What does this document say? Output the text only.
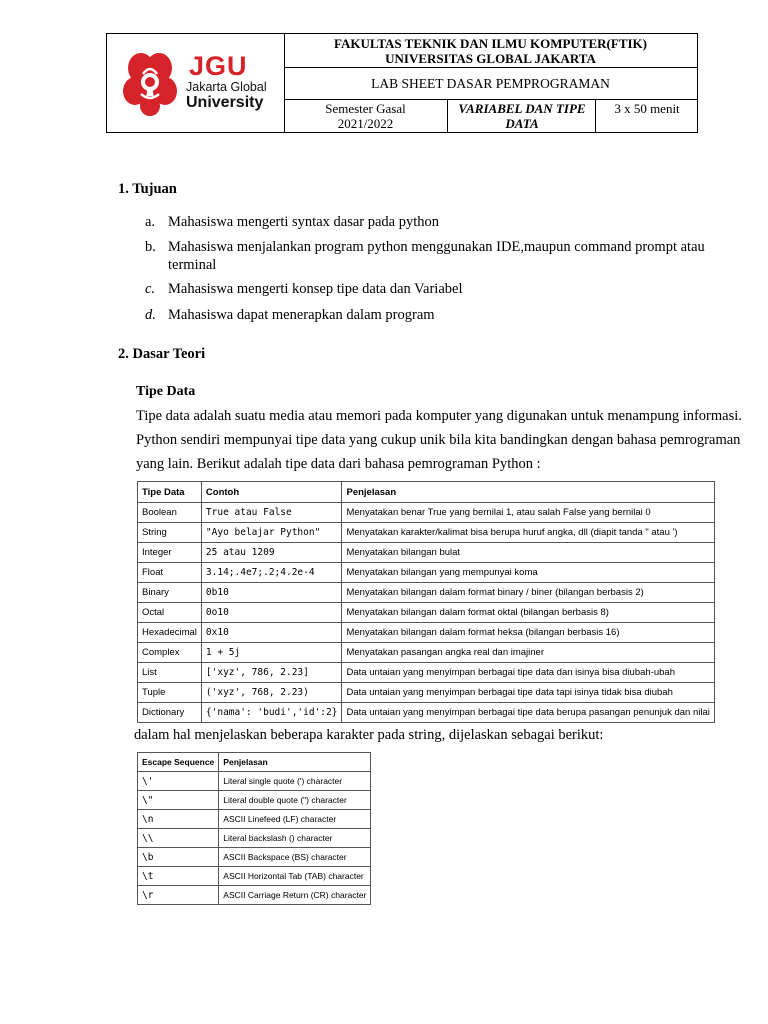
JGU
Jakarta Global
University
FAKULTAS TEKNIK DAN ILMU KOMPUTER(FTIK)
UNIVERSITAS GLOBAL JAKARTA
LAB SHEET DASAR PEMPROGRAMAN
Semester Gasal
2021/2022
VARIABEL DAN TIPE
DATA
3 x 50 menit
1. Tujuan
a. Mahasiswa mengerti syntax dasar pada python
b. Mahasiswa menjalankan program python menggunakan IDE,maupun command prompt atau
terminal
c. Mahasiswa mengerti konsep tipe data dan Variabel
d. Mahasiswa dapat menerapkan dalam program
2. Dasar Teori
Tipe Data
Tipe data adalah suatu media atau memori pada komputer yang digunakan untuk menampung informasi.
Python sendiri mempunyai tipe data yang cukup unik bila kita bandingkan dengan bahasa pemrograman
yang lain. Berikut adalah tipe data dari bahasa pemrograman Python :
Tipe Data	Contoh	Penjelasan
Boolean	True atau False	Menyatakan benar True yang bernilai 1, atau salah False yang bernilai 0
String	"Ayo belajar Python"	Menyatakan karakter/kalimat bisa berupa huruf angka, dll (diapit tanda " atau ')
Integer	25 atau 1209	Menyatakan bilangan bulat
Float	3.14;.4e7;.2;4.2e-4	Menyatakan bilangan yang mempunyai koma
Binary	0b10	Menyatakan bilangan dalam format binary / biner (bilangan berbasis 2)
Octal	0o10	Menyatakan bilangan dalam format oktal (bilangan berbasis 8)
Hexadecimal	0x10	Menyatakan bilangan dalam format heksa (bilangan berbasis 16)
Complex	1 + 5j	Menyatakan pasangan angka real dan imajiner
List	['xyz', 786, 2.23]	Data untaian yang menyimpan berbagai tipe data dan isinya bisa diubah-ubah
Tuple	('xyz', 768, 2.23)	Data untaian yang menyimpan berbagai tipe data tapi isinya tidak bisa diubah
Dictionary	{'nama': 'budi','id':2}	Data untaian yang menyimpan berbagai tipe data berupa pasangan penunjuk dan nilai
dalam hal menjelaskan beberapa karakter pada string, dijelaskan sebagai berikut:
Escape Sequence	Penjelasan
\'	Literal single quote (') character
\"	Literal double quote (") character
\n	ASCII Linefeed (LF) character
\\	Literal backslash () character
\b	ASCII Backspace (BS) character
\t	ASCII Horizontal Tab (TAB) character
\r	ASCII Carriage Return (CR) character
